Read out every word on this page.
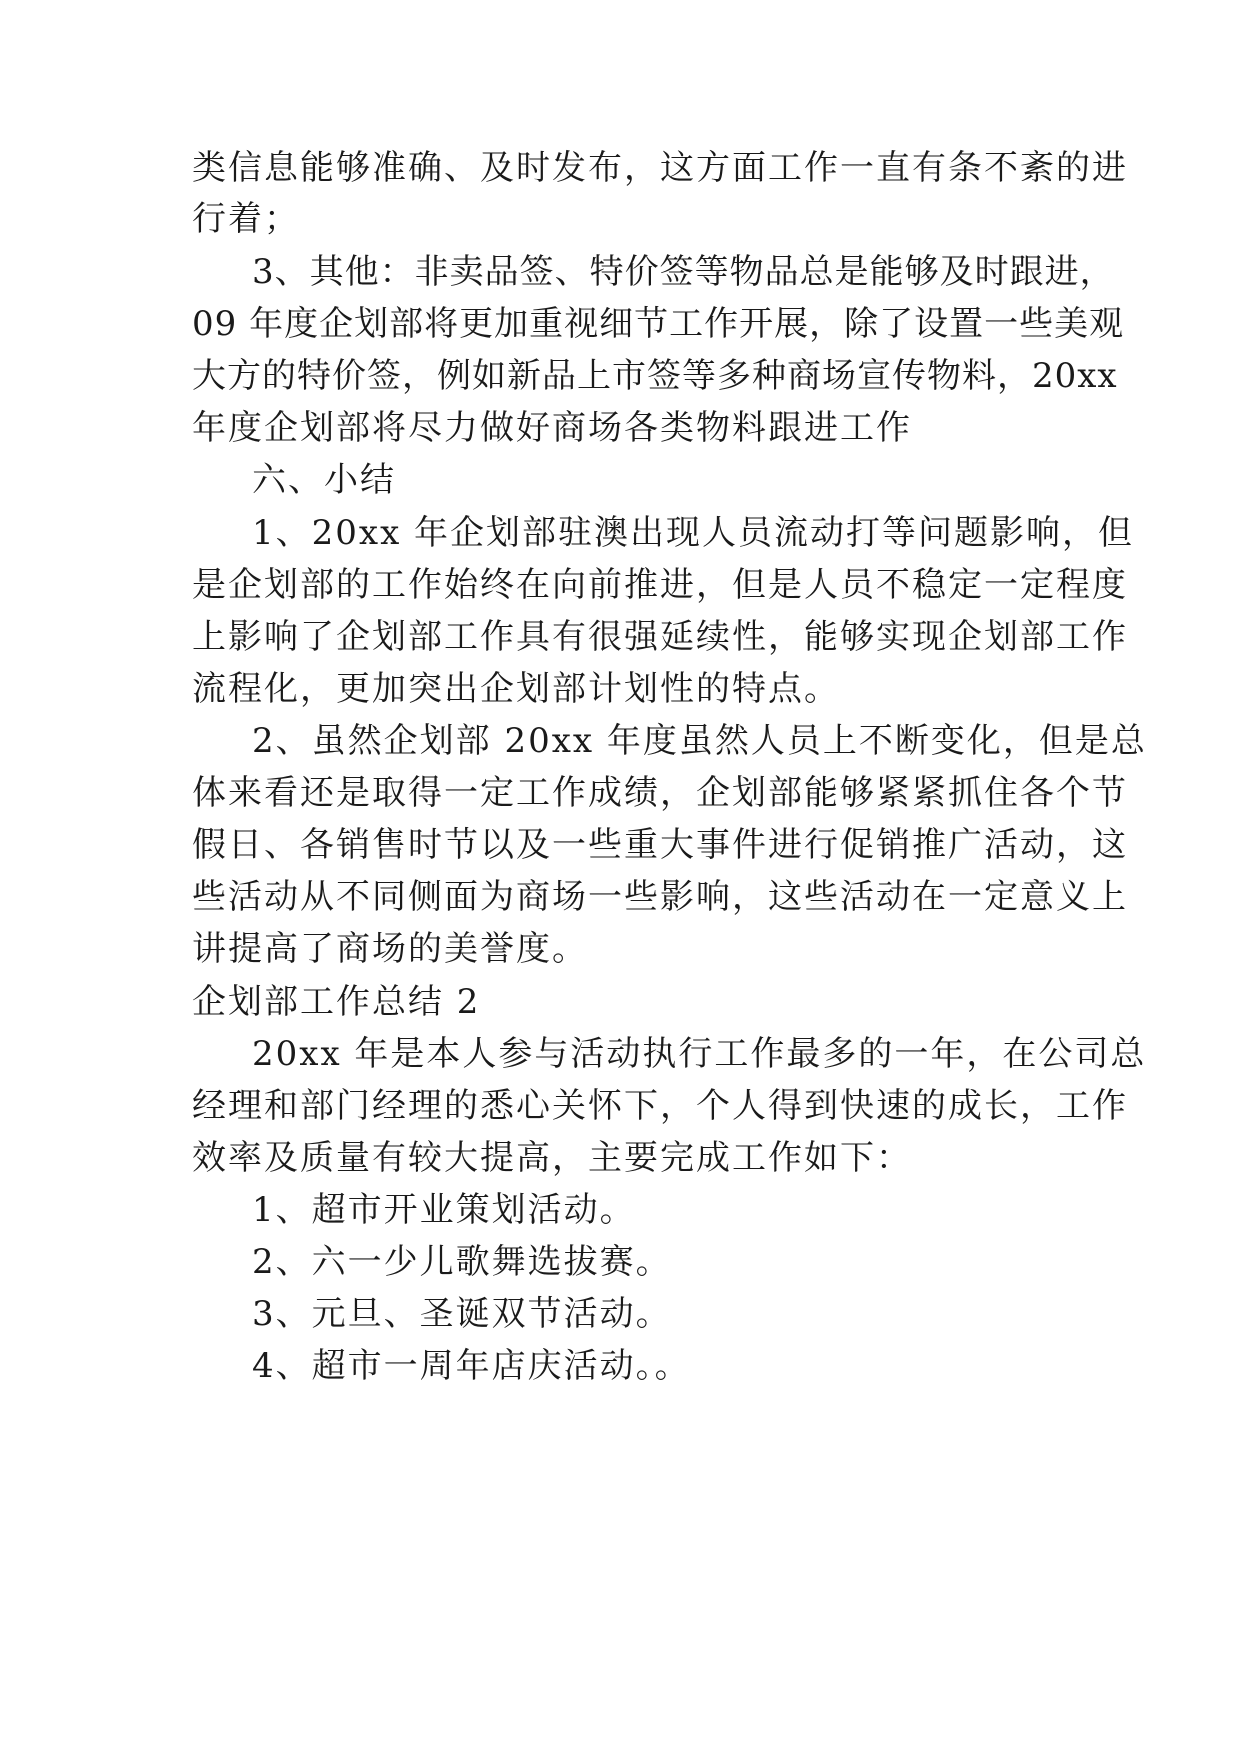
类信息能够准确、及时发布，这方面工作一直有条不紊的进
行着；
3、其他：非卖品签、特价签等物品总是能够及时跟进，
09 年度企划部将更加重视细节工作开展，除了设置一些美观
大方的特价签，例如新品上市签等多种商场宣传物料，20xx
年度企划部将尽力做好商场各类物料跟进工作
六、小结
1、20xx 年企划部驻澳出现人员流动打等问题影响，但
是企划部的工作始终在向前推进，但是人员不稳定一定程度
上影响了企划部工作具有很强延续性，能够实现企划部工作
流程化，更加突出企划部计划性的特点。
2、虽然企划部 20xx 年度虽然人员上不断变化，但是总
体来看还是取得一定工作成绩，企划部能够紧紧抓住各个节
假日、各销售时节以及一些重大事件进行促销推广活动，这
些活动从不同侧面为商场一些影响，这些活动在一定意义上
讲提高了商场的美誉度。
企划部工作总结 2
20xx 年是本人参与活动执行工作最多的一年，在公司总
经理和部门经理的悉心关怀下，个人得到快速的成长，工作
效率及质量有较大提高，主要完成工作如下：
1、超市开业策划活动。
2、六一少儿歌舞选拔赛。
3、元旦、圣诞双节活动。
4、超市一周年店庆活动。。
